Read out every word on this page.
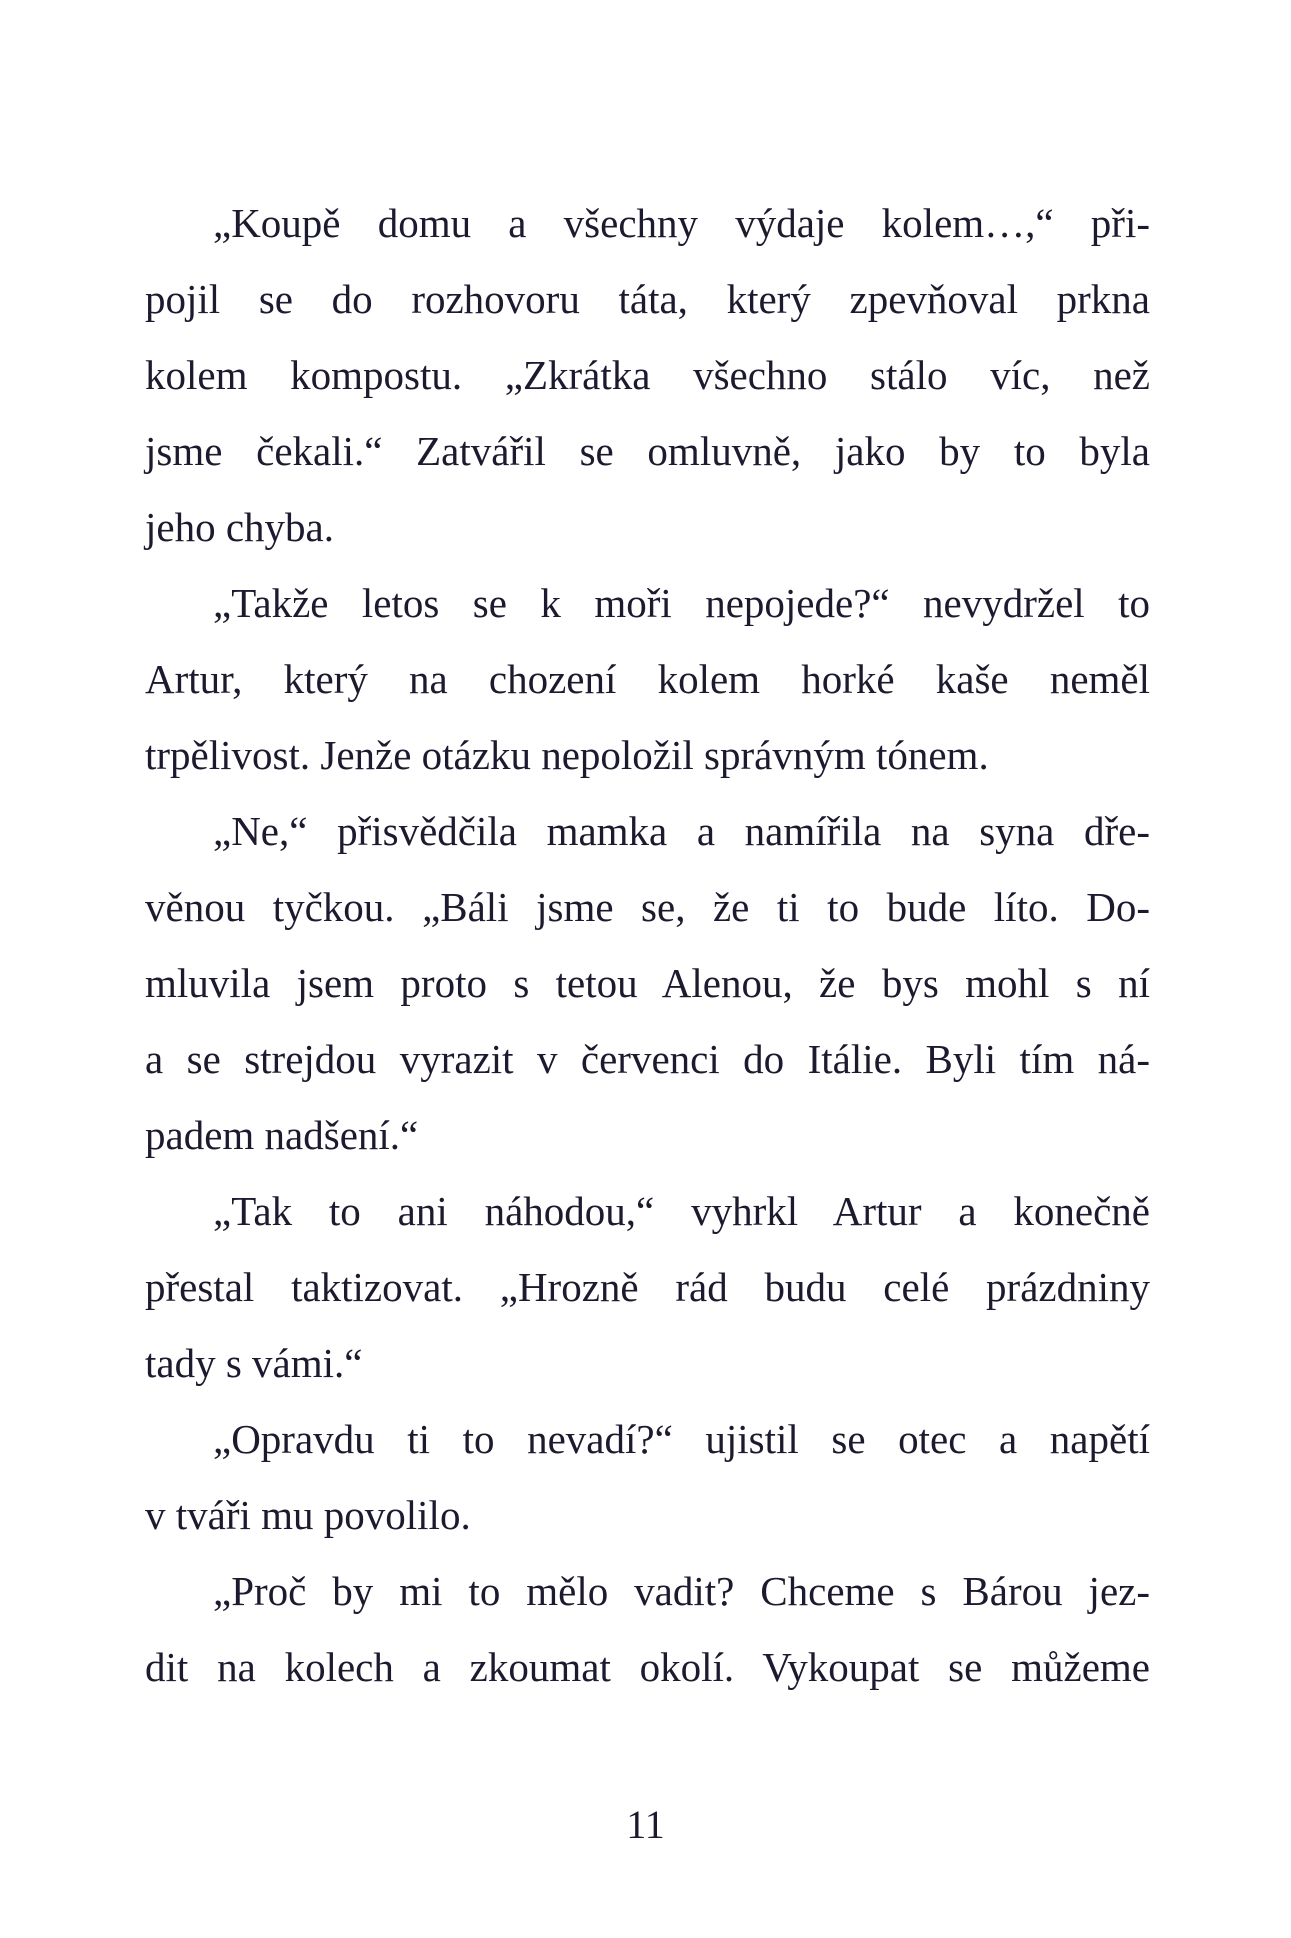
„Koupě domu a všechny výdaje kolem…,“ při-
pojil se do rozhovoru táta, který zpevňoval prkna
kolem kompostu. „Zkrátka všechno stálo víc, než
jsme čekali.“ Zatvářil se omluvně, jako by to byla
jeho chyba.
„Takže letos se k moři nepojede?“ nevydržel to
Artur, který na chození kolem horké kaše neměl
trpělivost. Jenže otázku nepoložil správným tónem.
„Ne,“ přisvědčila mamka a namířila na syna dře-
věnou tyčkou. „Báli jsme se, že ti to bude líto. Do-
mluvila jsem proto s tetou Alenou, že bys mohl s ní
a se strejdou vyrazit v červenci do Itálie. Byli tím ná-
padem nadšení.“
„Tak to ani náhodou,“ vyhrkl Artur a konečně
přestal taktizovat. „Hrozně rád budu celé prázdniny
tady s vámi.“
„Opravdu ti to nevadí?“ ujistil se otec a napětí
v tváři mu povolilo.
„Proč by mi to mělo vadit? Chceme s Bárou jez-
dit na kolech a zkoumat okolí. Vykoupat se můžeme
11
